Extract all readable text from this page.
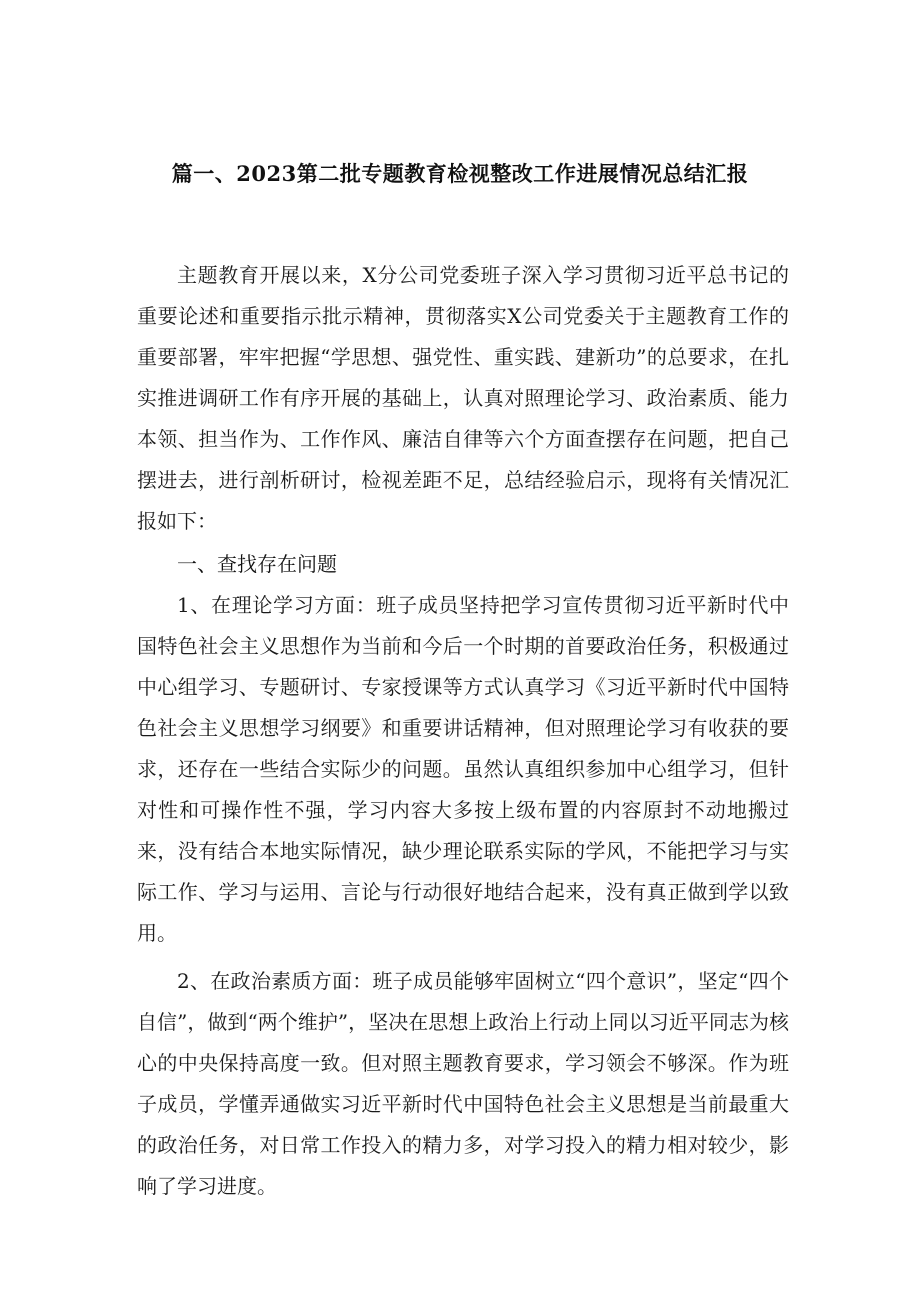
篇一、2023第二批专题教育检视整改工作进展情况总结汇报

主题教育开展以来，X分公司党委班子深入学习贯彻习近平总书记的重要论述和重要指示批示精神，贯彻落实X公司党委关于主题教育工作的重要部署，牢牢把握“学思想、强党性、重实践、建新功”的总要求，在扎实推进调研工作有序开展的基础上，认真对照理论学习、政治素质、能力本领、担当作为、工作作风、廉洁自律等六个方面查摆存在问题，把自己摆进去，进行剖析研讨，检视差距不足，总结经验启示，现将有关情况汇报如下：

一、查找存在问题

1、在理论学习方面：班子成员坚持把学习宣传贯彻习近平新时代中国特色社会主义思想作为当前和今后一个时期的首要政治任务，积极通过中心组学习、专题研讨、专家授课等方式认真学习《习近平新时代中国特色社会主义思想学习纲要》和重要讲话精神，但对照理论学习有收获的要求，还存在一些结合实际少的问题。虽然认真组织参加中心组学习，但针对性和可操作性不强，学习内容大多按上级布置的内容原封不动地搬过来，没有结合本地实际情况，缺少理论联系实际的学风，不能把学习与实际工作、学习与运用、言论与行动很好地结合起来，没有真正做到学以致用。

2、在政治素质方面：班子成员能够牢固树立“四个意识”，坚定“四个自信”，做到“两个维护”，坚决在思想上政治上行动上同以习近平同志为核心的中央保持高度一致。但对照主题教育要求，学习领会不够深。作为班子成员，学懂弄通做实习近平新时代中国特色社会主义思想是当前最重大的政治任务，对日常工作投入的精力多，对学习投入的精力相对较少，影响了学习进度。
